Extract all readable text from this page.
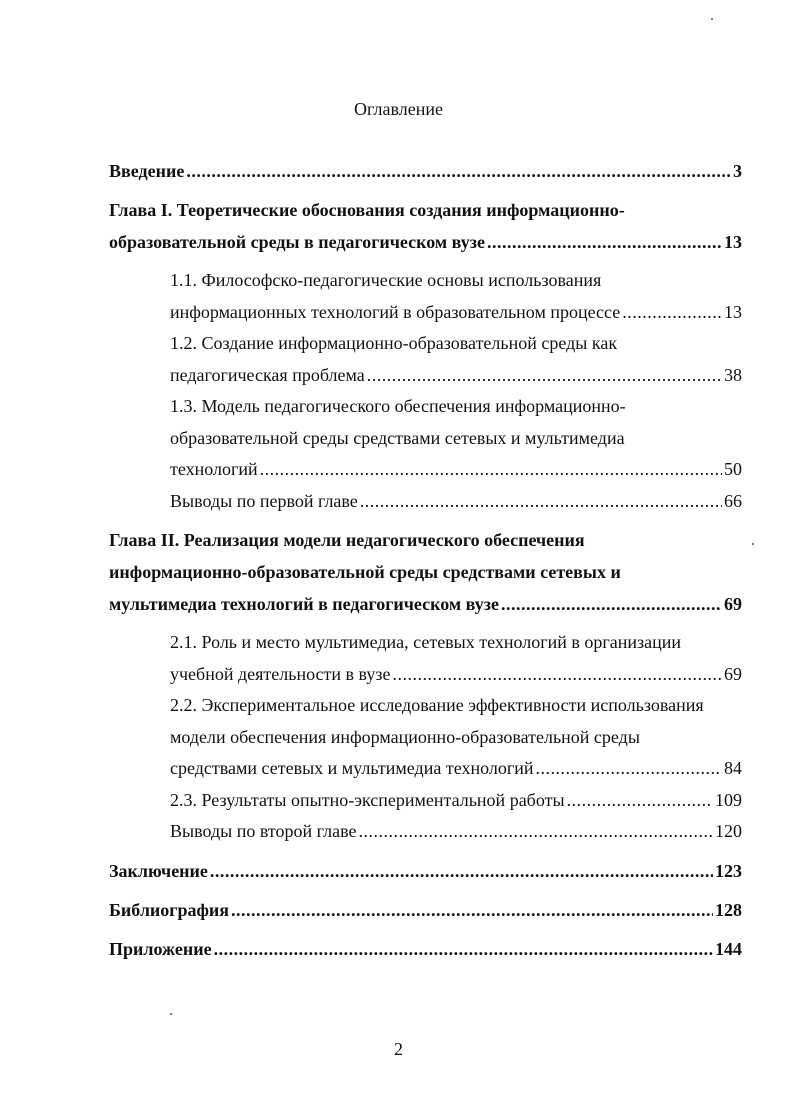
Оглавление
Введение .....	3
Глава I. Теоретические обоснования создания информационно-
образовательной среды в педагогическом вузе .....	13
1.1. Философско-педагогические основы использования
информационных технологий в образовательном процессе .....	13
1.2. Создание информационно-образовательной среды как
педагогическая проблема .....	38
1.3. Модель педагогического обеспечения информационно-
образовательной среды средствами сетевых и мультимедиа
технологий .....	50
Выводы по первой главе .....	66
Глава II. Реализация модели недагогического обеспечения
информационно-образовательной среды средствами сетевых и
мультимедиа технологий в педагогическом вузе .....	69
2.1. Роль и место мультимедиа, сетевых технологий в организации
учебной деятельности в вузе .....	69
2.2. Экспериментальное исследование эффективности использования
модели обеспечения информационно-образовательной среды
средствами сетевых и мультимедиа технологий .....	84
2.3. Результаты опытно-экспериментальной работы .....	109
Выводы по второй главе .....	120
Заключение .....	123
Библиография .....	128
Приложение .....	144
2
